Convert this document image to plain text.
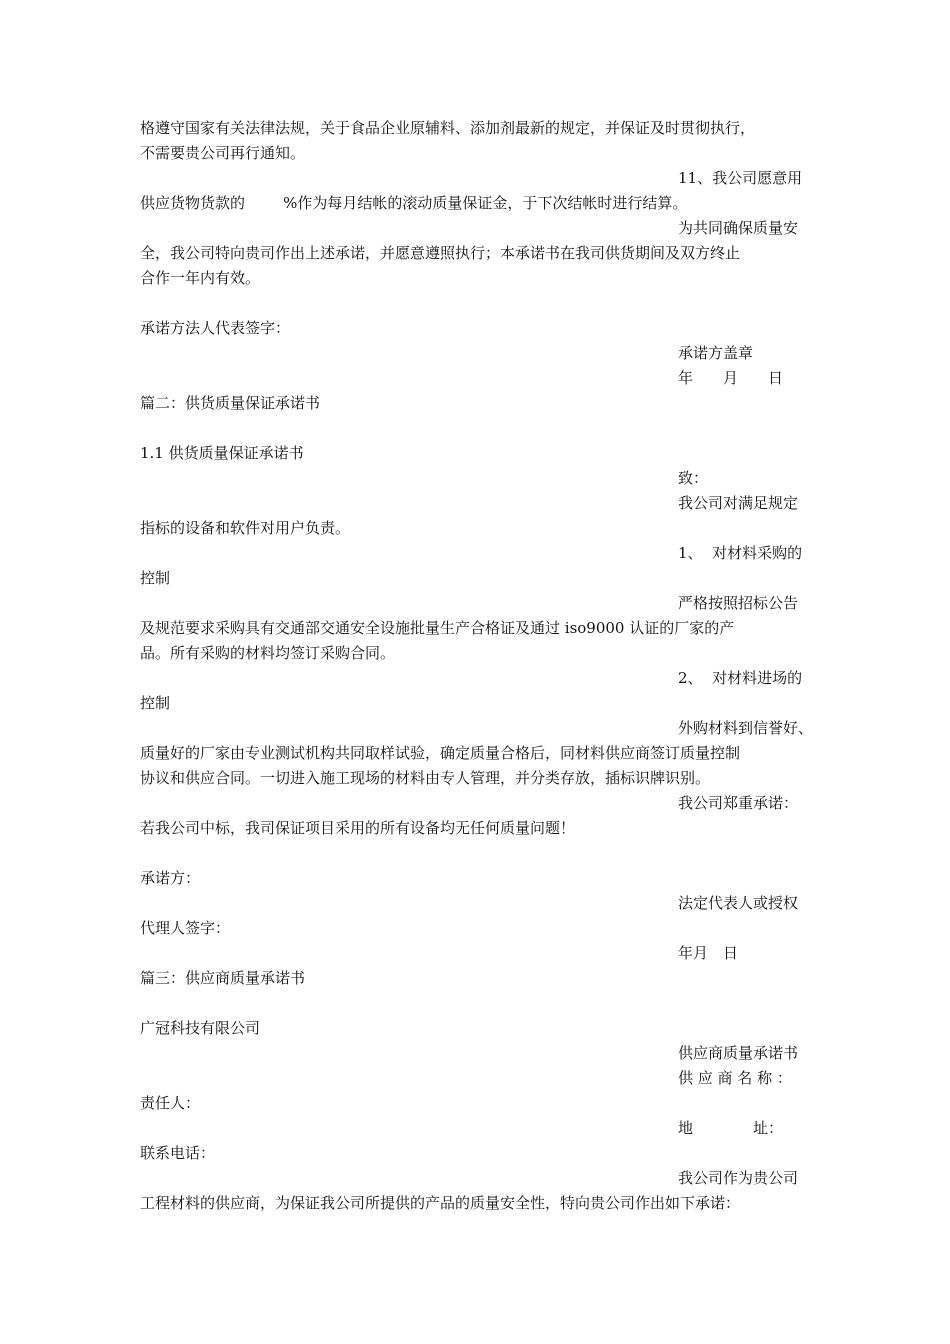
格遵守国家有关法律法规，关于食品企业原辅料、添加剂最新的规定，并保证及时贯彻执行，
不需要贵公司再行通知。
11、我公司愿意用
供应货物货款的        %作为每月结帐的滚动质量保证金，于下次结帐时进行结算。
为共同确保质量安
全，我公司特向贵司作出上述承诺，并愿意遵照执行；本承诺书在我司供货期间及双方终止
合作一年内有效。
承诺方法人代表签字：
承诺方盖章
年　　月　　日
篇二：供货质量保证承诺书
1.1 供货质量保证承诺书
致：
我公司对满足规定
指标的设备和软件对用户负责。
1、  对材料采购的
控制
严格按照招标公告
及规范要求采购具有交通部交通安全设施批量生产合格证及通过 iso9000 认证的厂家的产
品。所有采购的材料均签订采购合同。
2、  对材料进场的
控制
外购材料到信誉好、
质量好的厂家由专业测试机构共同取样试验，确定质量合格后，同材料供应商签订质量控制
协议和供应合同。一切进入施工现场的材料由专人管理，并分类存放，插标识牌识别。
我公司郑重承诺：
若我公司中标，我司保证项目采用的所有设备均无任何质量问题！
承诺方：
法定代表人或授权
代理人签字：
年月　日
篇三：供应商质量承诺书
广冠科技有限公司
供应商质量承诺书
供 应 商 名 称 ：
责任人：
地　　　　址：
联系电话：
我公司作为贵公司
工程材料的供应商，为保证我公司所提供的产品的质量安全性，特向贵公司作出如下承诺：
